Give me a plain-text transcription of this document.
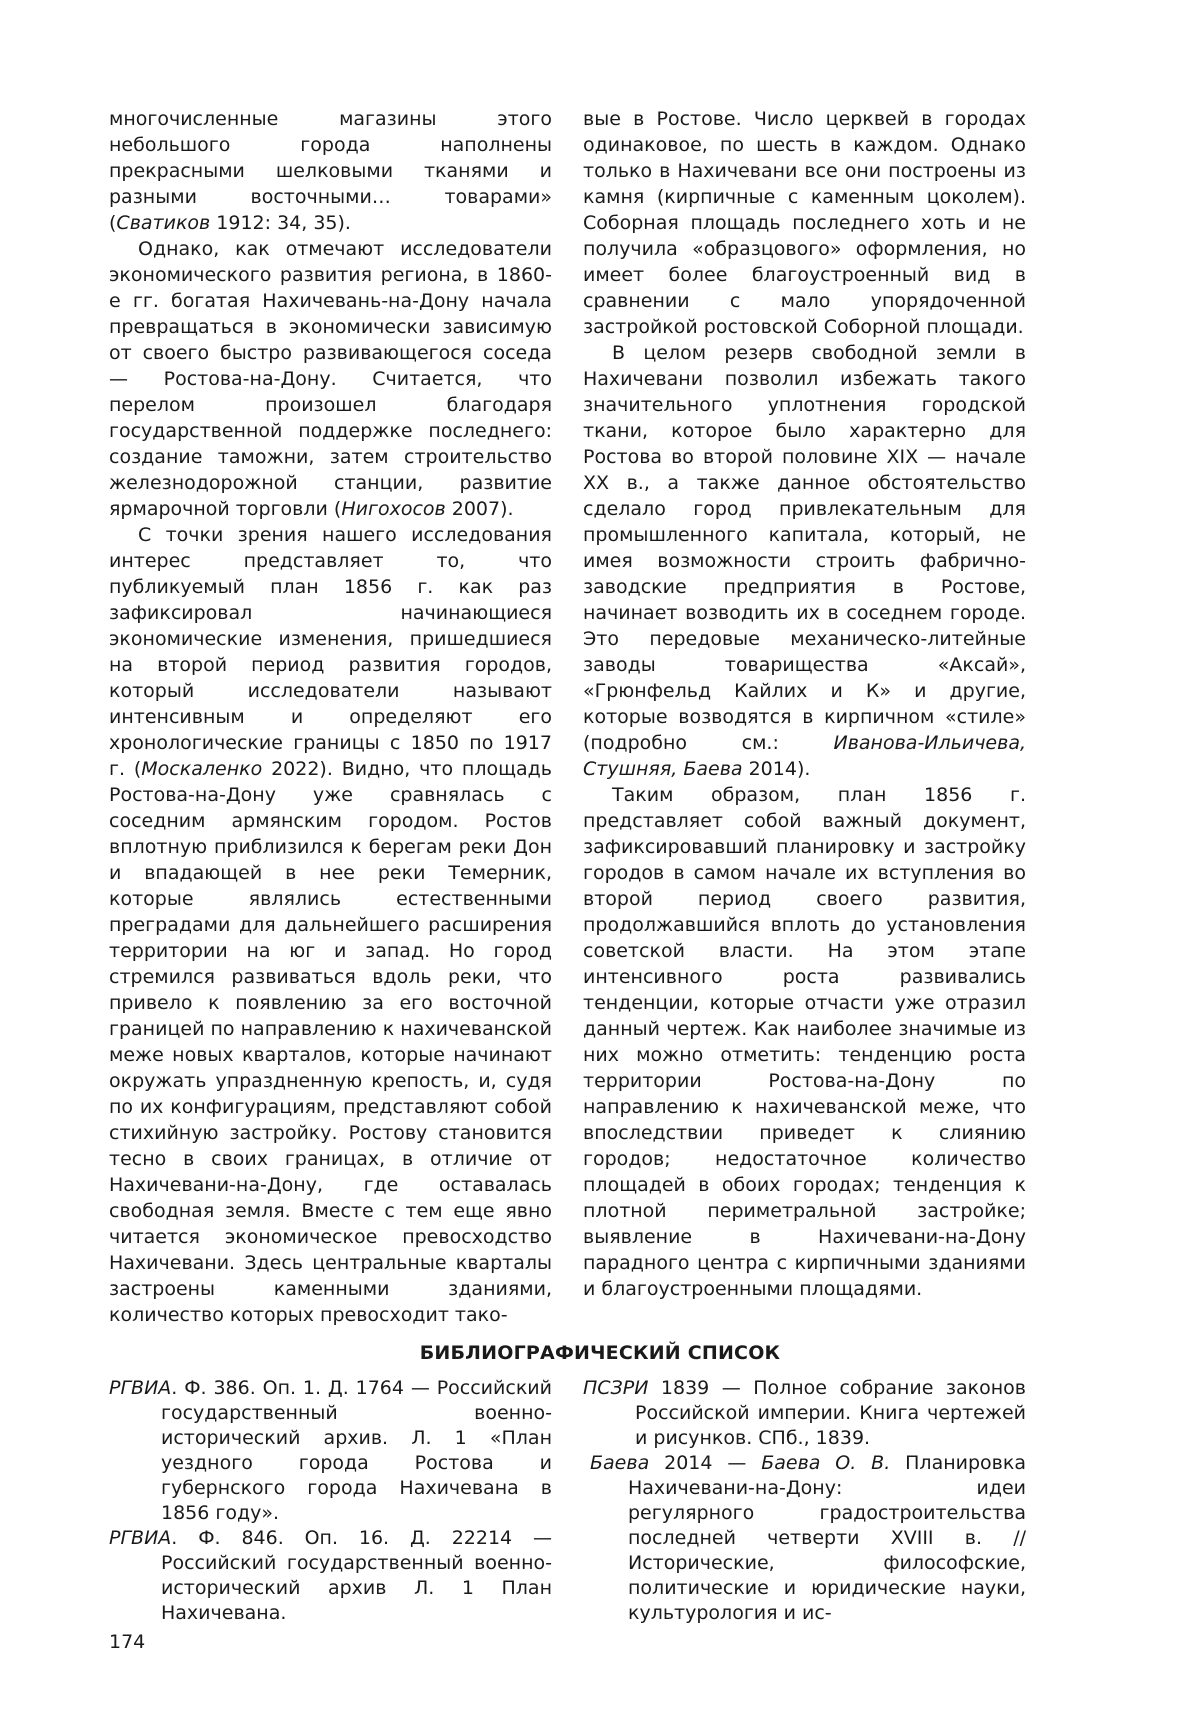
многочисленные магазины этого небольшого города наполнены прекрасными шелковыми тканями и разными восточными… товарами» (Сватиков 1912: 34, 35).

Однако, как отмечают исследователи экономического развития региона, в 1860-е гг. богатая Нахичевань-на-Дону начала превращаться в экономически зависимую от своего быстро развивающегося соседа — Ростова-на-Дону. Считается, что перелом произошел благодаря государственной поддержке последнего: создание таможни, затем строительство железнодорожной станции, развитие ярмарочной торговли (Нигохосов 2007).

С точки зрения нашего исследования интерес представляет то, что публикуемый план 1856 г. как раз зафиксировал начинающиеся экономические изменения, пришедшиеся на второй период развития городов, который исследователи называют интенсивным и определяют его хронологические границы с 1850 по 1917 г. (Москаленко 2022). Видно, что площадь Ростова-на-Дону уже сравнялась с соседним армянским городом. Ростов вплотную приблизился к берегам реки Дон и впадающей в нее реки Темерник, которые являлись естественными преградами для дальнейшего расширения территории на юг и запад. Но город стремился развиваться вдоль реки, что привело к появлению за его восточной границей по направлению к нахичеванской меже новых кварталов, которые начинают окружать упраздненную крепость, и, судя по их конфигурациям, представляют собой стихийную застройку. Ростову становится тесно в своих границах, в отличие от Нахичевани-на-Дону, где оставалась свободная земля. Вместе с тем еще явно читается экономическое превосходство Нахичевани. Здесь центральные кварталы застроены каменными зданиями, количество которых превосходит тако-

вые в Ростове. Число церквей в городах одинаковое, по шесть в каждом. Однако только в Нахичевани все они построены из камня (кирпичные с каменным цоколем). Соборная площадь последнего хоть и не получила «образцового» оформления, но имеет более благоустроенный вид в сравнении с мало упорядоченной застройкой ростовской Соборной площади.

В целом резерв свободной земли в Нахичевани позволил избежать такого значительного уплотнения городской ткани, которое было характерно для Ростова во второй половине XIX — начале XX в., а также данное обстоятельство сделало город привлекательным для промышленного капитала, который, не имея возможности строить фабрично-заводские предприятия в Ростове, начинает возводить их в соседнем городе. Это передовые механическо-литейные заводы товарищества «Аксай», «Грюнфельд Кайлих и К» и другие, которые возводятся в кирпичном «стиле» (подробно см.: Иванова-Ильичева, Стушняя, Баева 2014).

Таким образом, план 1856 г. представляет собой важный документ, зафиксировавший планировку и застройку городов в самом начале их вступления во второй период своего развития, продолжавшийся вплоть до установления советской власти. На этом этапе интенсивного роста развивались тенденции, которые отчасти уже отразил данный чертеж. Как наиболее значимые из них можно отметить: тенденцию роста территории Ростова-на-Дону по направлению к нахичеванской меже, что впоследствии приведет к слиянию городов; недостаточное количество площадей в обоих городах; тенденция к плотной периметральной застройке; выявление в Нахичевани-на-Дону парадного центра с кирпичными зданиями и благоустроенными площадями.

БИБЛИОГРАФИЧЕСКИЙ СПИСОК

РГВИА. Ф. 386. Оп. 1. Д. 1764 — Российский государственный военно-исторический архив. Л. 1 «План уездного города Ростова и губернского города Нахичевана в 1856 году».

РГВИА. Ф. 846. Оп. 16. Д. 22214 — Российский государственный военно-исторический архив Л. 1 План Нахичевана.

ПСЗРИ 1839 — Полное собрание законов Российской империи. Книга чертежей и рисунков. СПб., 1839.

Баева 2014 — Баева О. В. Планировка Нахичевани-на-Дону: идеи регулярного градостроительства последней четверти XVIII в. // Исторические, философские, политические и юридические науки, культурология и ис-

174
